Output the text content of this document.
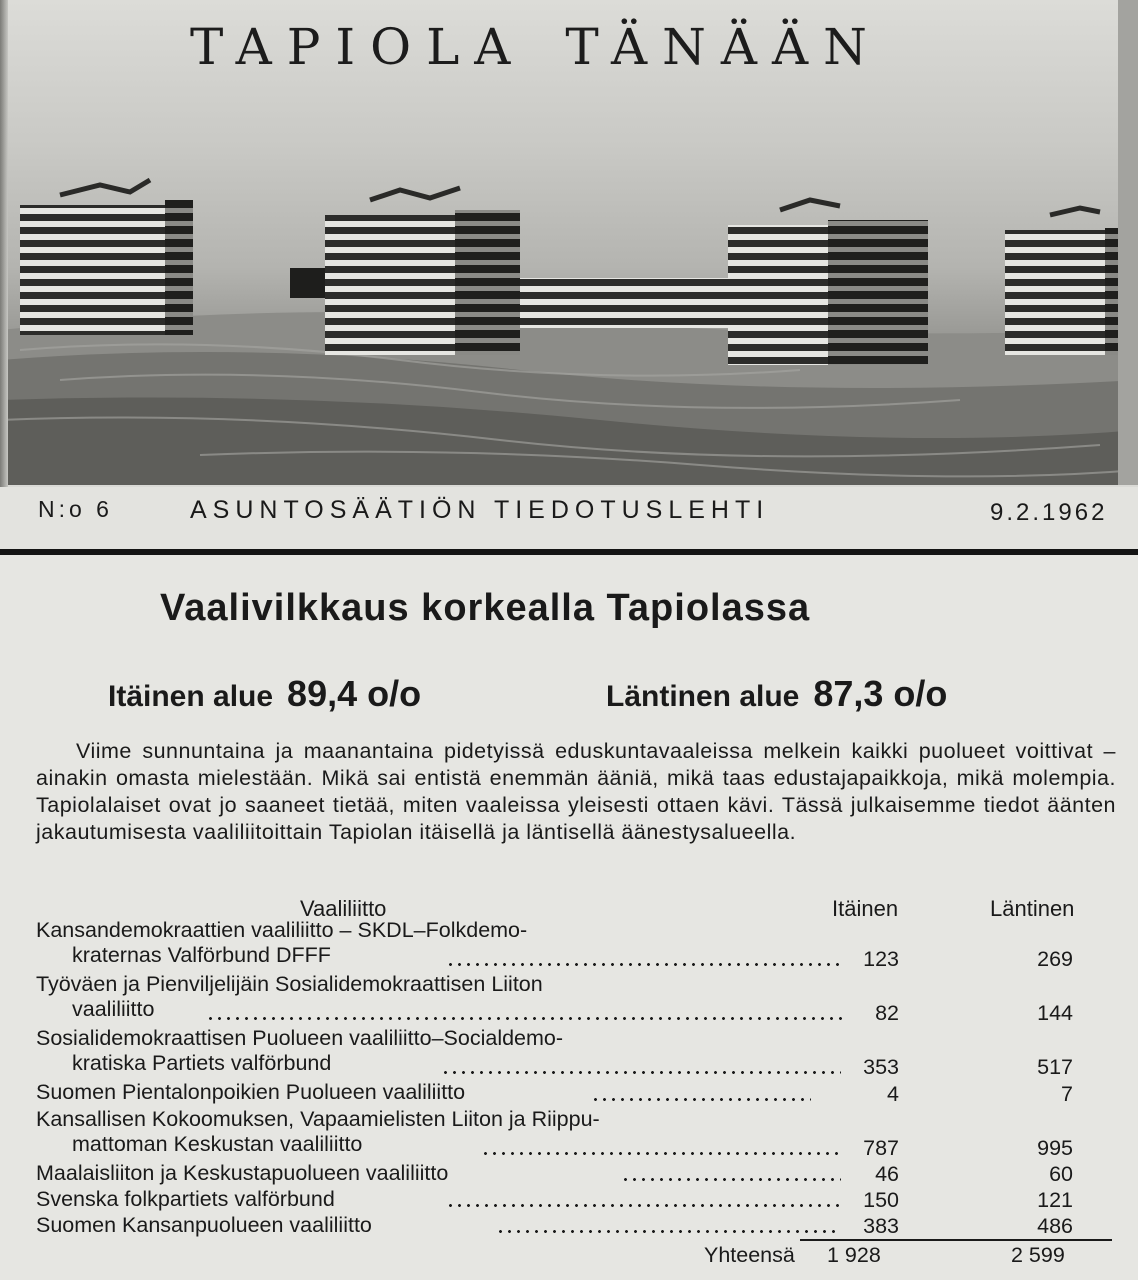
TAPIOLA TÄNÄÄN
N:o 6	ASUNTOSÄÄTIÖN TIEDOTUSLEHTI	9.2.1962
Vaalivilkkaus korkealla Tapiolassa
Itäinen alue 89,4 o/o	Läntinen alue 87,3 o/o

Viime sunnuntaina ja maanantaina pidetyissä eduskuntavaaleissa melkein kaikki puolueet voittivat – ainakin omasta mielestään. Mikä sai entistä enemmän ääniä, mikä taas edustajapaikkoja, mikä molempia. Tapiolalaiset ovat jo saaneet tietää, miten vaaleissa yleisesti ottaen kävi. Tässä julkaisemme tiedot äänten jakautumisesta vaaliliitoittain Tapiolan itäisellä ja läntisellä äänestysalueella.

Vaaliliitto	Itäinen	Läntinen
Kansandemokraattien vaaliliitto – SKDL–Folkdemo-
kraternas Valförbund DFFF	123	269
Työväen ja Pienviljelijäin Sosialidemokraattisen Liiton
vaaliliitto	82	144
Sosialidemokraattisen Puolueen vaaliliitto–Socialdemo-
kratiska Partiets valförbund	353	517
Suomen Pientalonpoikien Puolueen vaaliliitto	4	7
Kansallisen Kokoomuksen, Vapaamielisten Liiton ja Riippu-
mattoman Keskustan vaaliliitto	787	995
Maalaisliiton ja Keskustapuolueen vaaliliitto	46	60
Svenska folkpartiets valförbund	150	121
Suomen Kansanpuolueen vaaliliitto	383	486
Yhteensä 1 928	2 599
